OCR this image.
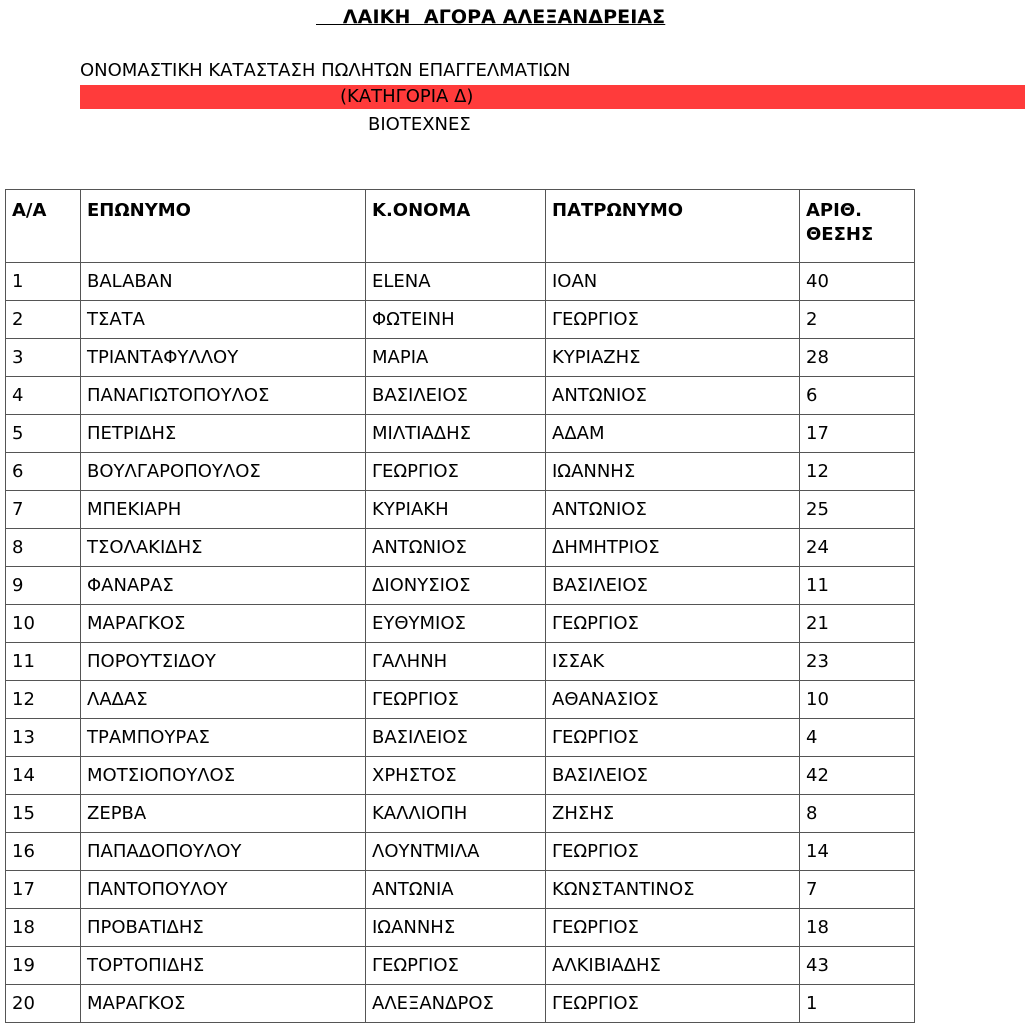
ΛΑΙΚΗ  ΑΓΟΡΑ ΑΛΕΞΑΝΔΡΕΙΑΣ
ΟΝΟΜΑΣΤΙΚΗ ΚΑΤΑΣΤΑΣΗ ΠΩΛΗΤΩΝ ΕΠΑΓΓΕΛΜΑΤΙΩΝ
(ΚΑΤΗΓΟΡΙΑ Δ)
ΒΙΟΤΕΧΝΕΣ
Α/Α	ΕΠΩΝΥΜΟ	Κ.ΟΝΟΜΑ	ΠΑΤΡΩΝΥΜΟ	ΑΡΙΘ. ΘΕΣΗΣ
1	BALABAN	ELENA	ΙΟΑΝ	40
2	ΤΣΑΤΑ	ΦΩΤΕΙΝΗ	ΓΕΩΡΓΙΟΣ	2
3	ΤΡΙΑΝΤΑΦΥΛΛΟΥ	ΜΑΡΙΑ	ΚΥΡΙΑΖΗΣ	28
4	ΠΑΝΑΓΙΩΤΟΠΟΥΛΟΣ	ΒΑΣΙΛΕΙΟΣ	ΑΝΤΩΝΙΟΣ	6
5	ΠΕΤΡΙΔΗΣ	ΜΙΛΤΙΑΔΗΣ	ΑΔΑΜ	17
6	ΒΟΥΛΓΑΡΟΠΟΥΛΟΣ	ΓΕΩΡΓΙΟΣ	ΙΩΑΝΝΗΣ	12
7	ΜΠΕΚΙΑΡΗ	ΚΥΡΙΑΚΗ	ΑΝΤΩΝΙΟΣ	25
8	ΤΣΟΛΑΚΙΔΗΣ	ΑΝΤΩΝΙΟΣ	ΔΗΜΗΤΡΙΟΣ	24
9	ΦΑΝΑΡΑΣ	ΔΙΟΝΥΣΙΟΣ	ΒΑΣΙΛΕΙΟΣ	11
10	ΜΑΡΑΓΚΟΣ	ΕΥΘΥΜΙΟΣ	ΓΕΩΡΓΙΟΣ	21
11	ΠΟΡΟΥΤΣΙΔΟΥ	ΓΑΛΗΝΗ	ΙΣΣΑΚ	23
12	ΛΑΔΑΣ	ΓΕΩΡΓΙΟΣ	ΑΘΑΝΑΣΙΟΣ	10
13	ΤΡΑΜΠΟΥΡΑΣ	ΒΑΣΙΛΕΙΟΣ	ΓΕΩΡΓΙΟΣ	4
14	ΜΟΤΣΙΟΠΟΥΛΟΣ	ΧΡΗΣΤΟΣ	ΒΑΣΙΛΕΙΟΣ	42
15	ΖΕΡΒΑ	ΚΑΛΛΙΟΠΗ	ΖΗΣΗΣ	8
16	ΠΑΠΑΔΟΠΟΥΛΟΥ	ΛΟΥΝΤΜΙΛΑ	ΓΕΩΡΓΙΟΣ	14
17	ΠΑΝΤΟΠΟΥΛΟΥ	ΑΝΤΩΝΙΑ	ΚΩΝΣΤΑΝΤΙΝΟΣ	7
18	ΠΡΟΒΑΤΙΔΗΣ	ΙΩΑΝΝΗΣ	ΓΕΩΡΓΙΟΣ	18
19	ΤΟΡΤΟΠΙΔΗΣ	ΓΕΩΡΓΙΟΣ	ΑΛΚΙΒΙΑΔΗΣ	43
20	ΜΑΡΑΓΚΟΣ	ΑΛΕΞΑΝΔΡΟΣ	ΓΕΩΡΓΙΟΣ	1
